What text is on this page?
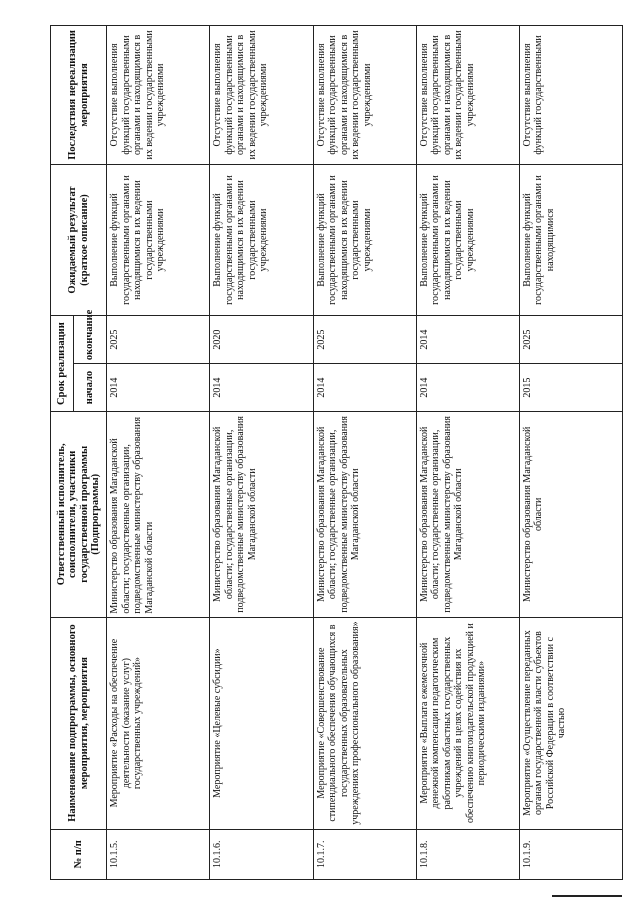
№ п/п	Наименование подпрограммы, основного мероприятия, мероприятия	Ответственный исполнитель, соисполнители, участники государственной программы (Подпрограммы)	Срок реализации		Ожидаемый результат (краткое описание)	Последствия нереализации мероприятия
			начало	окончание		
10.1.5.	Мероприятие «Расходы на обеспечение деятельности (оказание услуг) государственных учреждений»	Министерство образования Магаданской области; государственные организации, подведомственные министерству образования Магаданской области	2014	2025	Выполнение функций государственными органами и находящимися в их ведении государственными учреждениями	Отсутствие выполнения функций государственными органами и находящимися в их ведении государственными учреждениями
10.1.6.	Мероприятие «Целевые субсидии»	Министерство образования Магаданской области; государственные организации, подведомственные министерству образования Магаданской области	2014	2020	Выполнение функций государственными органами и находящимися в их ведении государственными учреждениями	Отсутствие выполнения функций государственными органами и находящимися в их ведении государственными учреждениями
10.1.7.	Мероприятие «Совершенствование стипендиального обеспечения обучающихся в государственных образовательных учреждениях профессионального образования»	Министерство образования Магаданской области; государственные организации, подведомственные министерству образования Магаданской области	2014	2025	Выполнение функций государственными органами и находящимися в их ведении государственными учреждениями	Отсутствие выполнения функций государственными органами и находящимися в их ведении государственными учреждениями
10.1.8.	Мероприятие «Выплата ежемесячной денежной компенсации педагогическим работникам областных государственных учреждений в целях содействия их обеспечению книгоиздательской продукцией и периодическими изданиями»	Министерство образования Магаданской области; государственные организации, подведомственные министерству образования Магаданской области	2014	2014	Выполнение функций государственными органами и находящимися в их ведении государственными учреждениями	Отсутствие выполнения функций государственными органами и находящимися в их ведении государственными учреждениями
10.1.9.	Мероприятие «Осуществление переданных органам государственной власти субъектов Российской Федерации в соответствии с частью	Министерство образования Магаданской области	2015	2025	Выполнение функций государственными органами и находящимися	Отсутствие выполнения функций государственными
